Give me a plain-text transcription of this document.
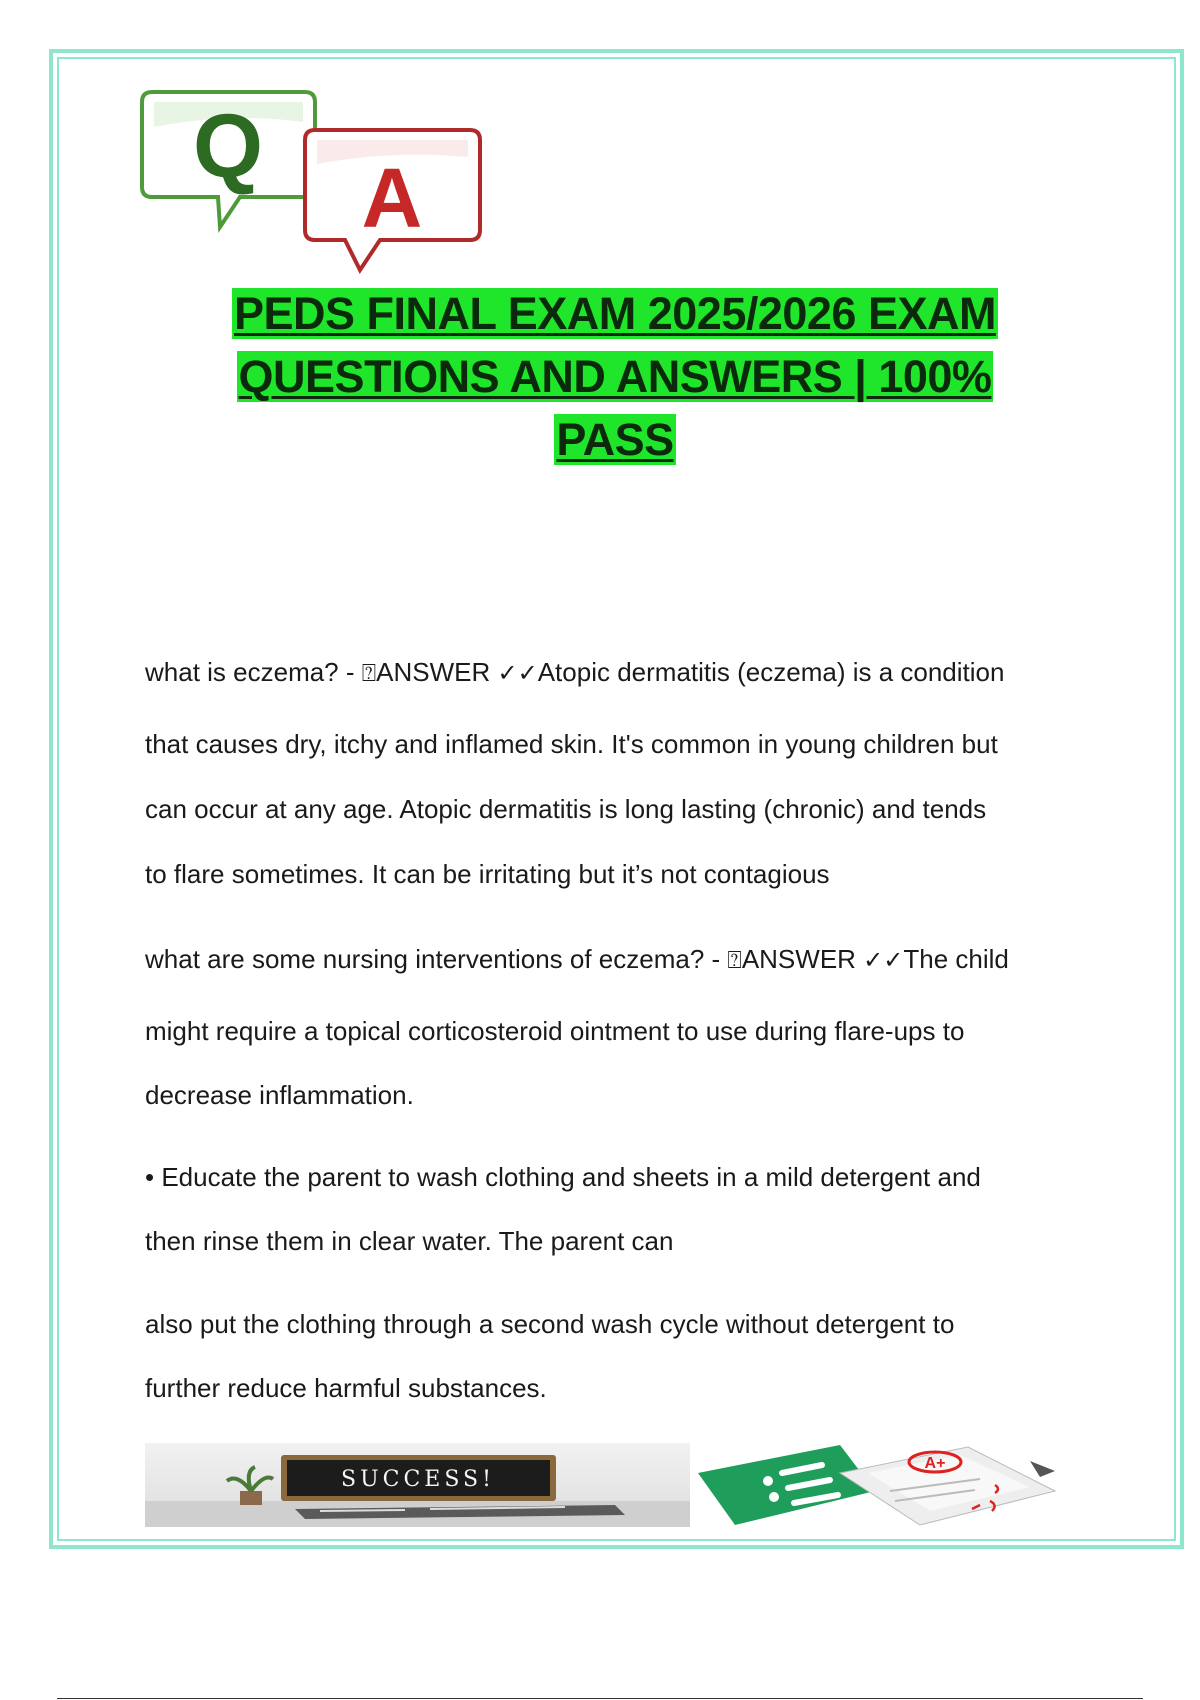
Q
A
PEDS FINAL EXAM 2025/2026 EXAM
QUESTIONS AND ANSWERS | 100%
PASS
what is eczema? - ⍰ANSWER ✓✓Atopic dermatitis (eczema) is a condition
that causes dry, itchy and inflamed skin. It's common in young children but
can occur at any age. Atopic dermatitis is long lasting (chronic) and tends
to flare sometimes. It can be irritating but it’s not contagious
what are some nursing interventions of eczema? - ⍰ANSWER ✓✓The child
might require a topical corticosteroid ointment to use during flare-ups to
decrease inflammation.
• Educate the parent to wash clothing and sheets in a mild detergent and
then rinse them in clear water. The parent can
also put the clothing through a second wash cycle without detergent to
further reduce harmful substances.
SUCCESS!
A+
